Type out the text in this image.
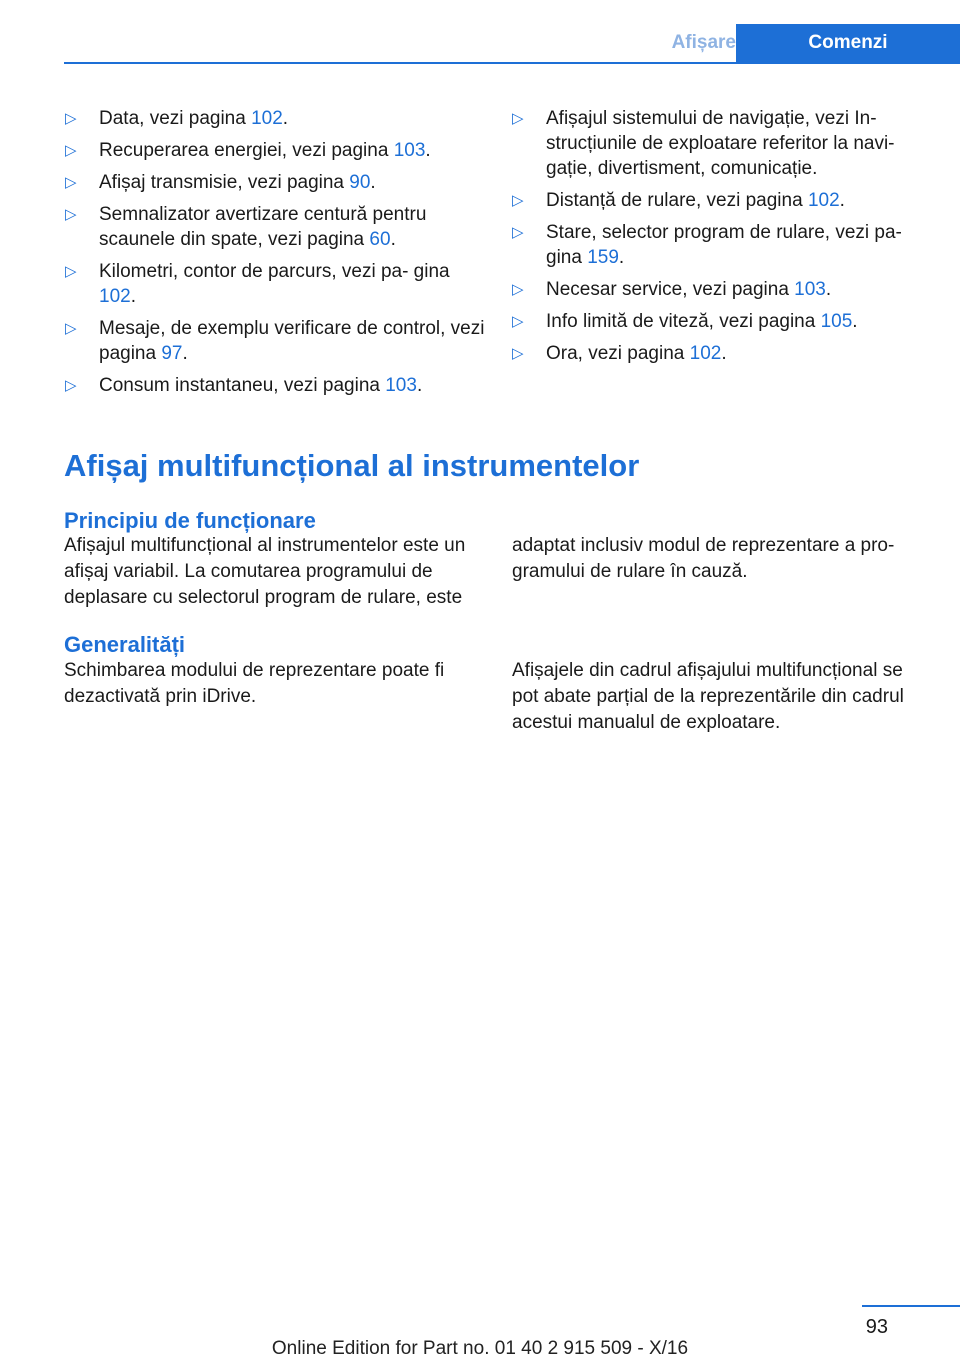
Afișare	Comenzi
▷ Data, vezi pagina 102.
▷ Recuperarea energiei, vezi pagina 103.
▷ Afișaj transmisie, vezi pagina 90.
▷ Semnalizator avertizare centură pentru scaunele din spate, vezi pagina 60.
▷ Kilometri, contor de parcurs, vezi pa‐ gina 102.
▷ Mesaje, de exemplu verificare de control, vezi pagina 97.
▷ Consum instantaneu, vezi pagina 103.
▷ Afișajul sistemului de navigație, vezi In‐ strucțiunile de exploatare referitor la navi‐ gație, divertisment, comunicație.
▷ Distanță de rulare, vezi pagina 102.
▷ Stare, selector program de rulare, vezi pa‐ gina 159.
▷ Necesar service, vezi pagina 103.
▷ Info limită de viteză, vezi pagina 105.
▷ Ora, vezi pagina 102.
Afișaj multifuncțional al instrumentelor
Principiu de funcționare

Afișajul multifuncțional al instrumentelor este un afișaj variabil. La comutarea programului de deplasare cu selectorul program de rulare, este

adaptat inclusiv modul de reprezentare a pro‐ gramului de rulare în cauză.

Generalități

Schimbarea modului de reprezentare poate fi dezactivată prin iDrive.

Afișajele din cadrul afișajului multifuncțional se pot abate parțial de la reprezentările din cadrul acestui manualul de exploatare.

93
Online Edition for Part no. 01 40 2 915 509 - X/16
